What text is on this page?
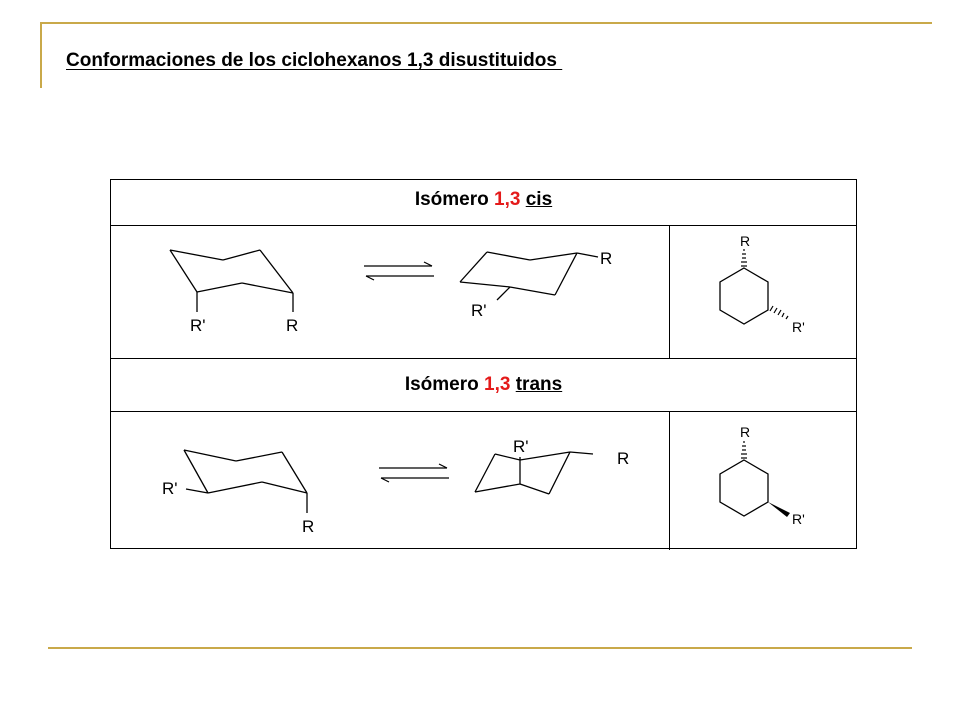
Conformaciones de los ciclohexanos 1,3 disustituidos
Isómero 1,3 cis
Isómero 1,3 trans
R'	R
R
R'
R
R'
R'
R
R'
R
R
R'
